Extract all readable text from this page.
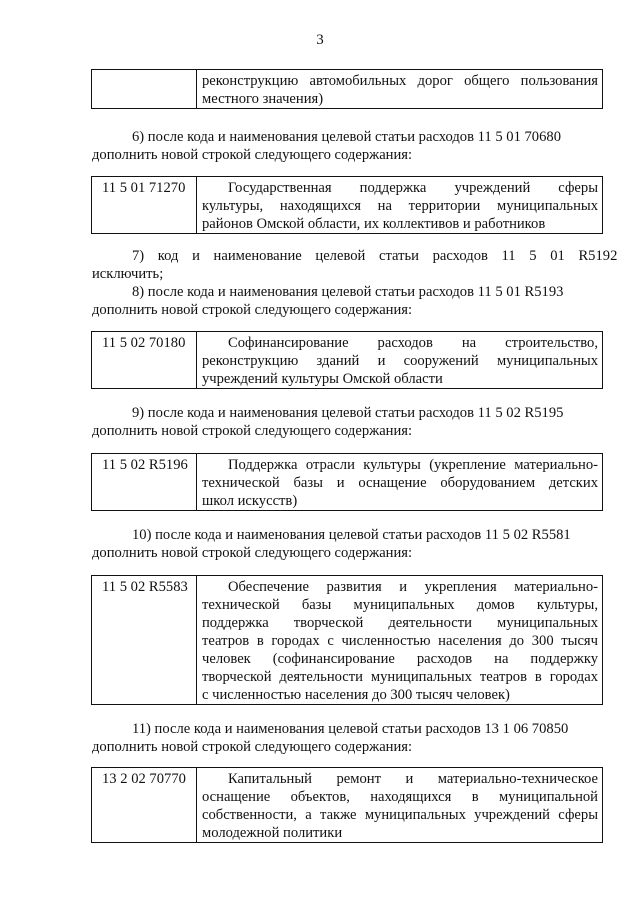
3
реконструкцию автомобильных дорог общего пользования
местного значения)
6) после кода и наименования целевой статьи расходов 11 5 01 70680
дополнить новой строкой следующего содержания:
11 5 01 71270	Государственная поддержка учреждений сферы
культуры, находящихся на территории муниципальных
районов Омской области, их коллективов и работников
7) код и наименование целевой статьи расходов 11 5 01 R5192
исключить;
8) после кода и наименования целевой статьи расходов 11 5 01 R5193
дополнить новой строкой следующего содержания:
11 5 02 70180	Софинансирование расходов на строительство,
реконструкцию зданий и сооружений муниципальных
учреждений культуры Омской области
9) после кода и наименования целевой статьи расходов 11 5 02 R5195
дополнить новой строкой следующего содержания:
11 5 02 R5196	Поддержка отрасли культуры (укрепление материально-
технической базы и оснащение оборудованием детских
школ искусств)
10) после кода и наименования целевой статьи расходов 11 5 02 R5581
дополнить новой строкой следующего содержания:
11 5 02 R5583	Обеспечение развития и укрепления материально-
технической базы муниципальных домов культуры,
поддержка творческой деятельности муниципальных
театров в городах с численностью населения до 300 тысяч
человек (софинансирование расходов на поддержку
творческой деятельности муниципальных театров в городах
с численностью населения до 300 тысяч человек)
11) после кода и наименования целевой статьи расходов 13 1 06 70850
дополнить новой строкой следующего содержания:
13 2 02 70770	Капитальный ремонт и материально-техническое
оснащение объектов, находящихся в муниципальной
собственности, а также муниципальных учреждений сферы
молодежной политики
